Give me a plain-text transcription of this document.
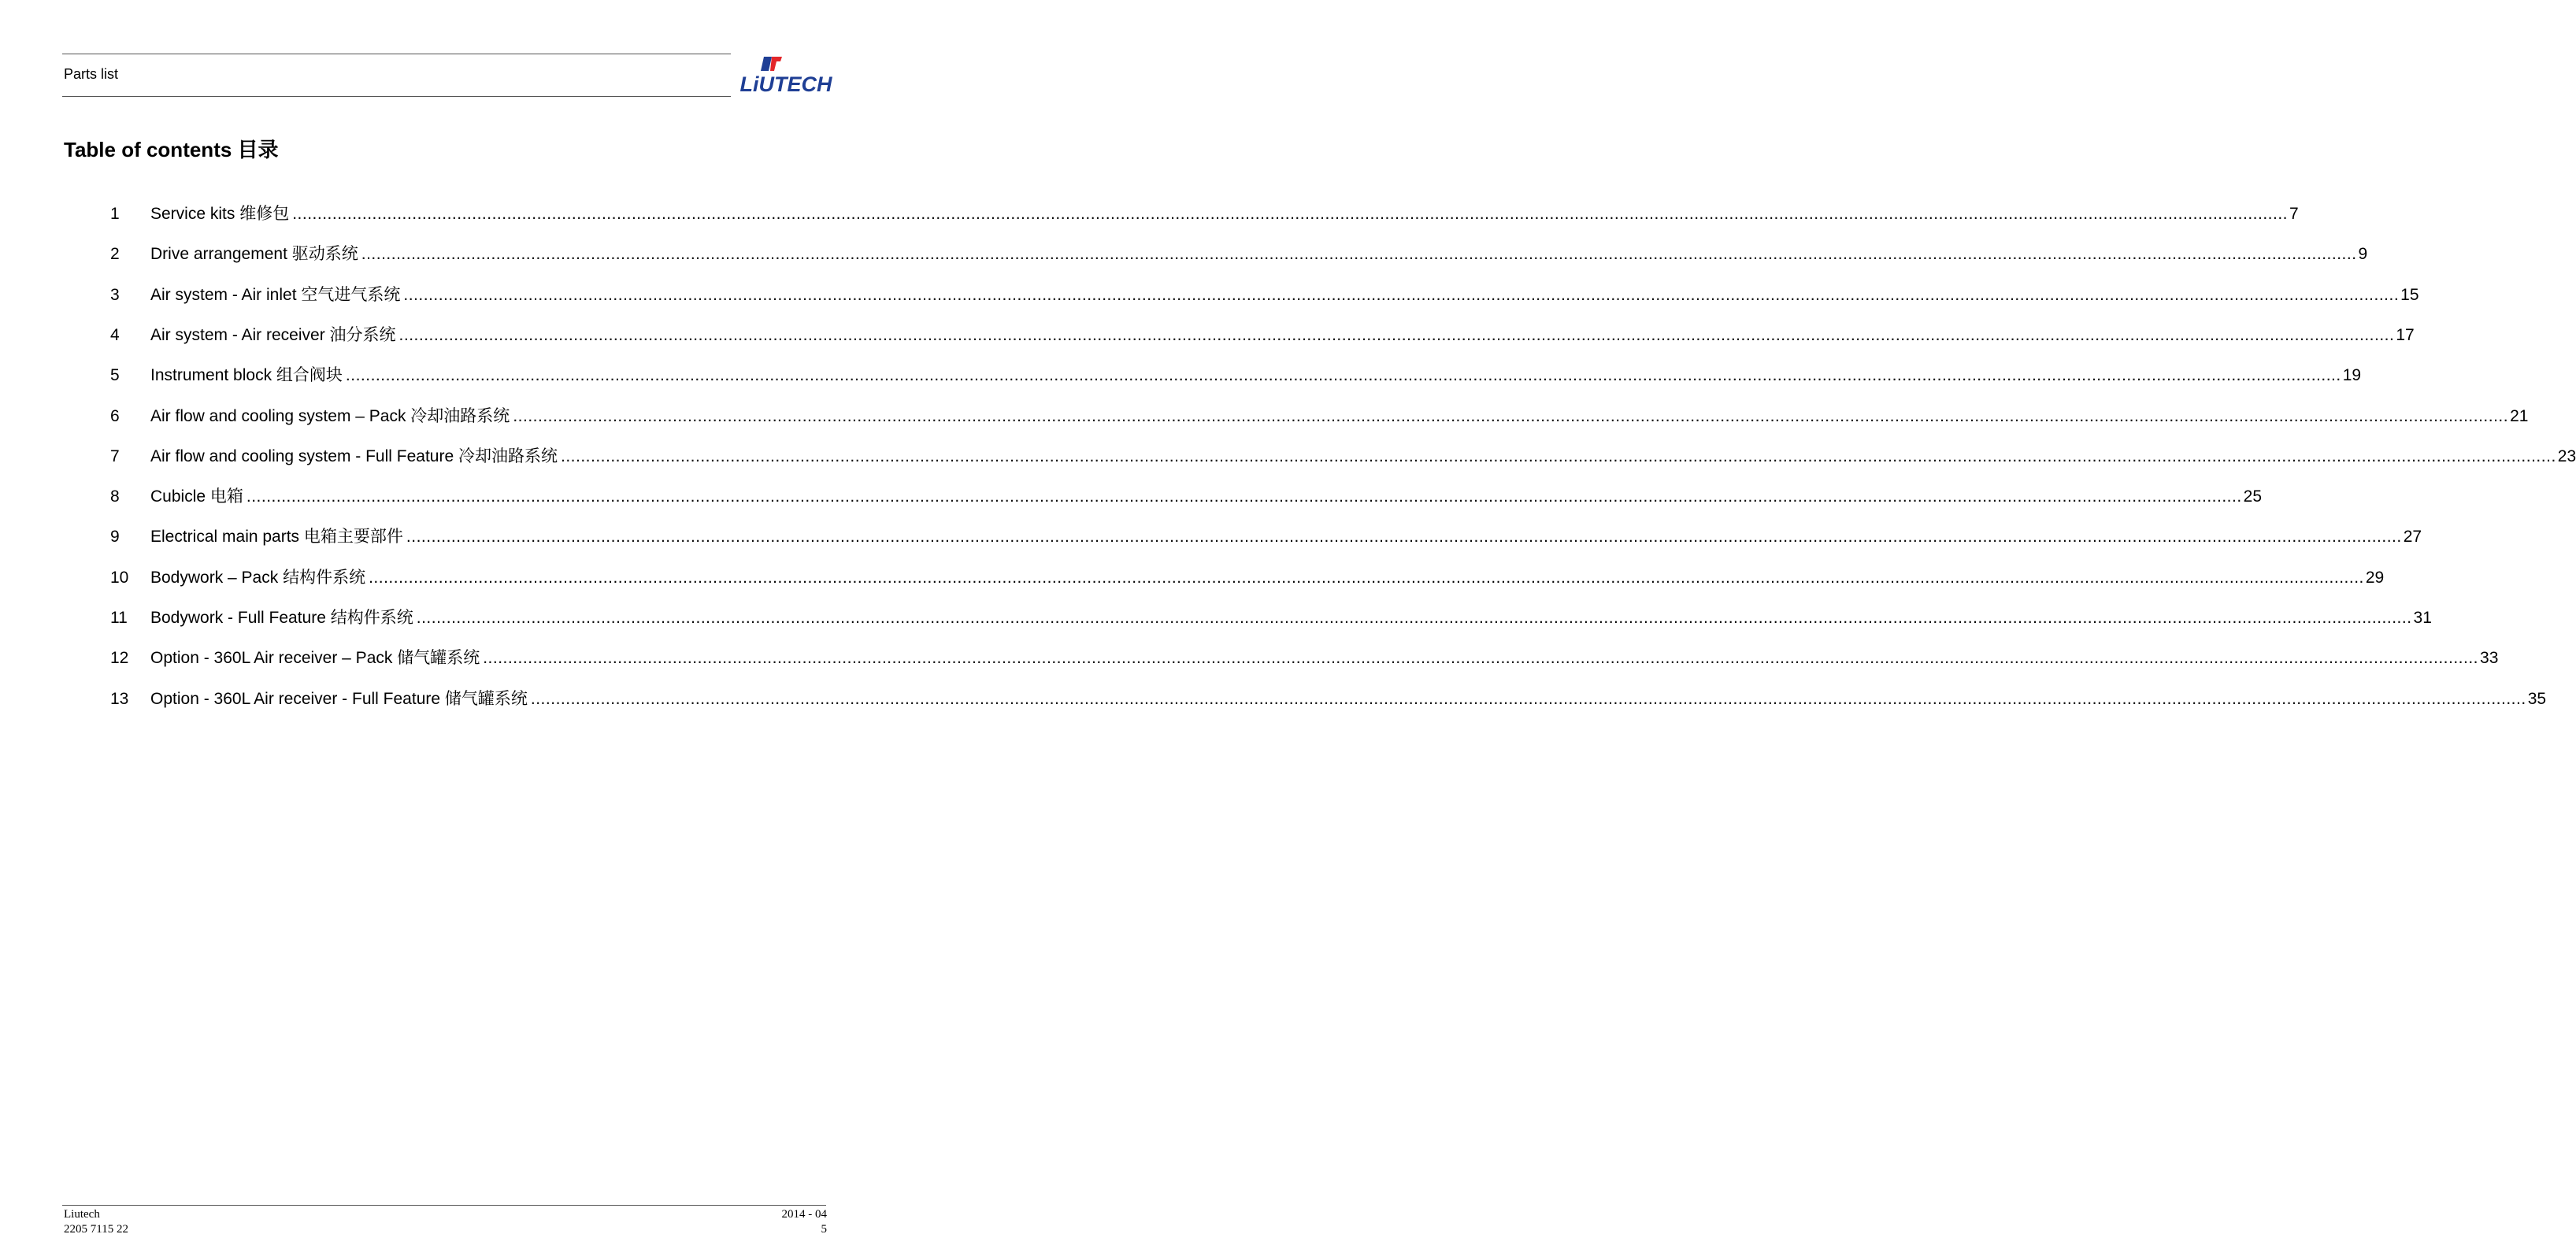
Parts list	LiUTECH
Table of contents 目录
1	Service kits 维修包 ................................................................................................................................................................................................................................................................................................................................................................................................................ 7
2	Drive arrangement 驱动系统 ................................................................................................................................................................................................................................................................................................................................................................................................................ 9
3	Air system - Air inlet 空气进气系统 ................................................................................................................................................................................................................................................................................................................................................................................................................ 15
4	Air system - Air receiver 油分系统 ................................................................................................................................................................................................................................................................................................................................................................................................................ 17
5	Instrument block 组合阀块 ................................................................................................................................................................................................................................................................................................................................................................................................................ 19
6	Air flow and cooling system – Pack 冷却油路系统 ................................................................................................................................................................................................................................................................................................................................................................................................................ 21
7	Air flow and cooling system - Full Feature 冷却油路系统 ................................................................................................................................................................................................................................................................................................................................................................................................................ 23
8	Cubicle 电箱 ................................................................................................................................................................................................................................................................................................................................................................................................................ 25
9	Electrical main parts 电箱主要部件 ................................................................................................................................................................................................................................................................................................................................................................................................................ 27
10	Bodywork – Pack 结构件系统 ................................................................................................................................................................................................................................................................................................................................................................................................................ 29
11	Bodywork - Full Feature 结构件系统 ................................................................................................................................................................................................................................................................................................................................................................................................................ 31
12	Option - 360L Air receiver – Pack 储气罐系统 ................................................................................................................................................................................................................................................................................................................................................................................................................ 33
13	Option - 360L Air receiver - Full Feature 储气罐系统 ................................................................................................................................................................................................................................................................................................................................................................................................................ 35
Liutech
2205 7115 22
2014 - 04
5
